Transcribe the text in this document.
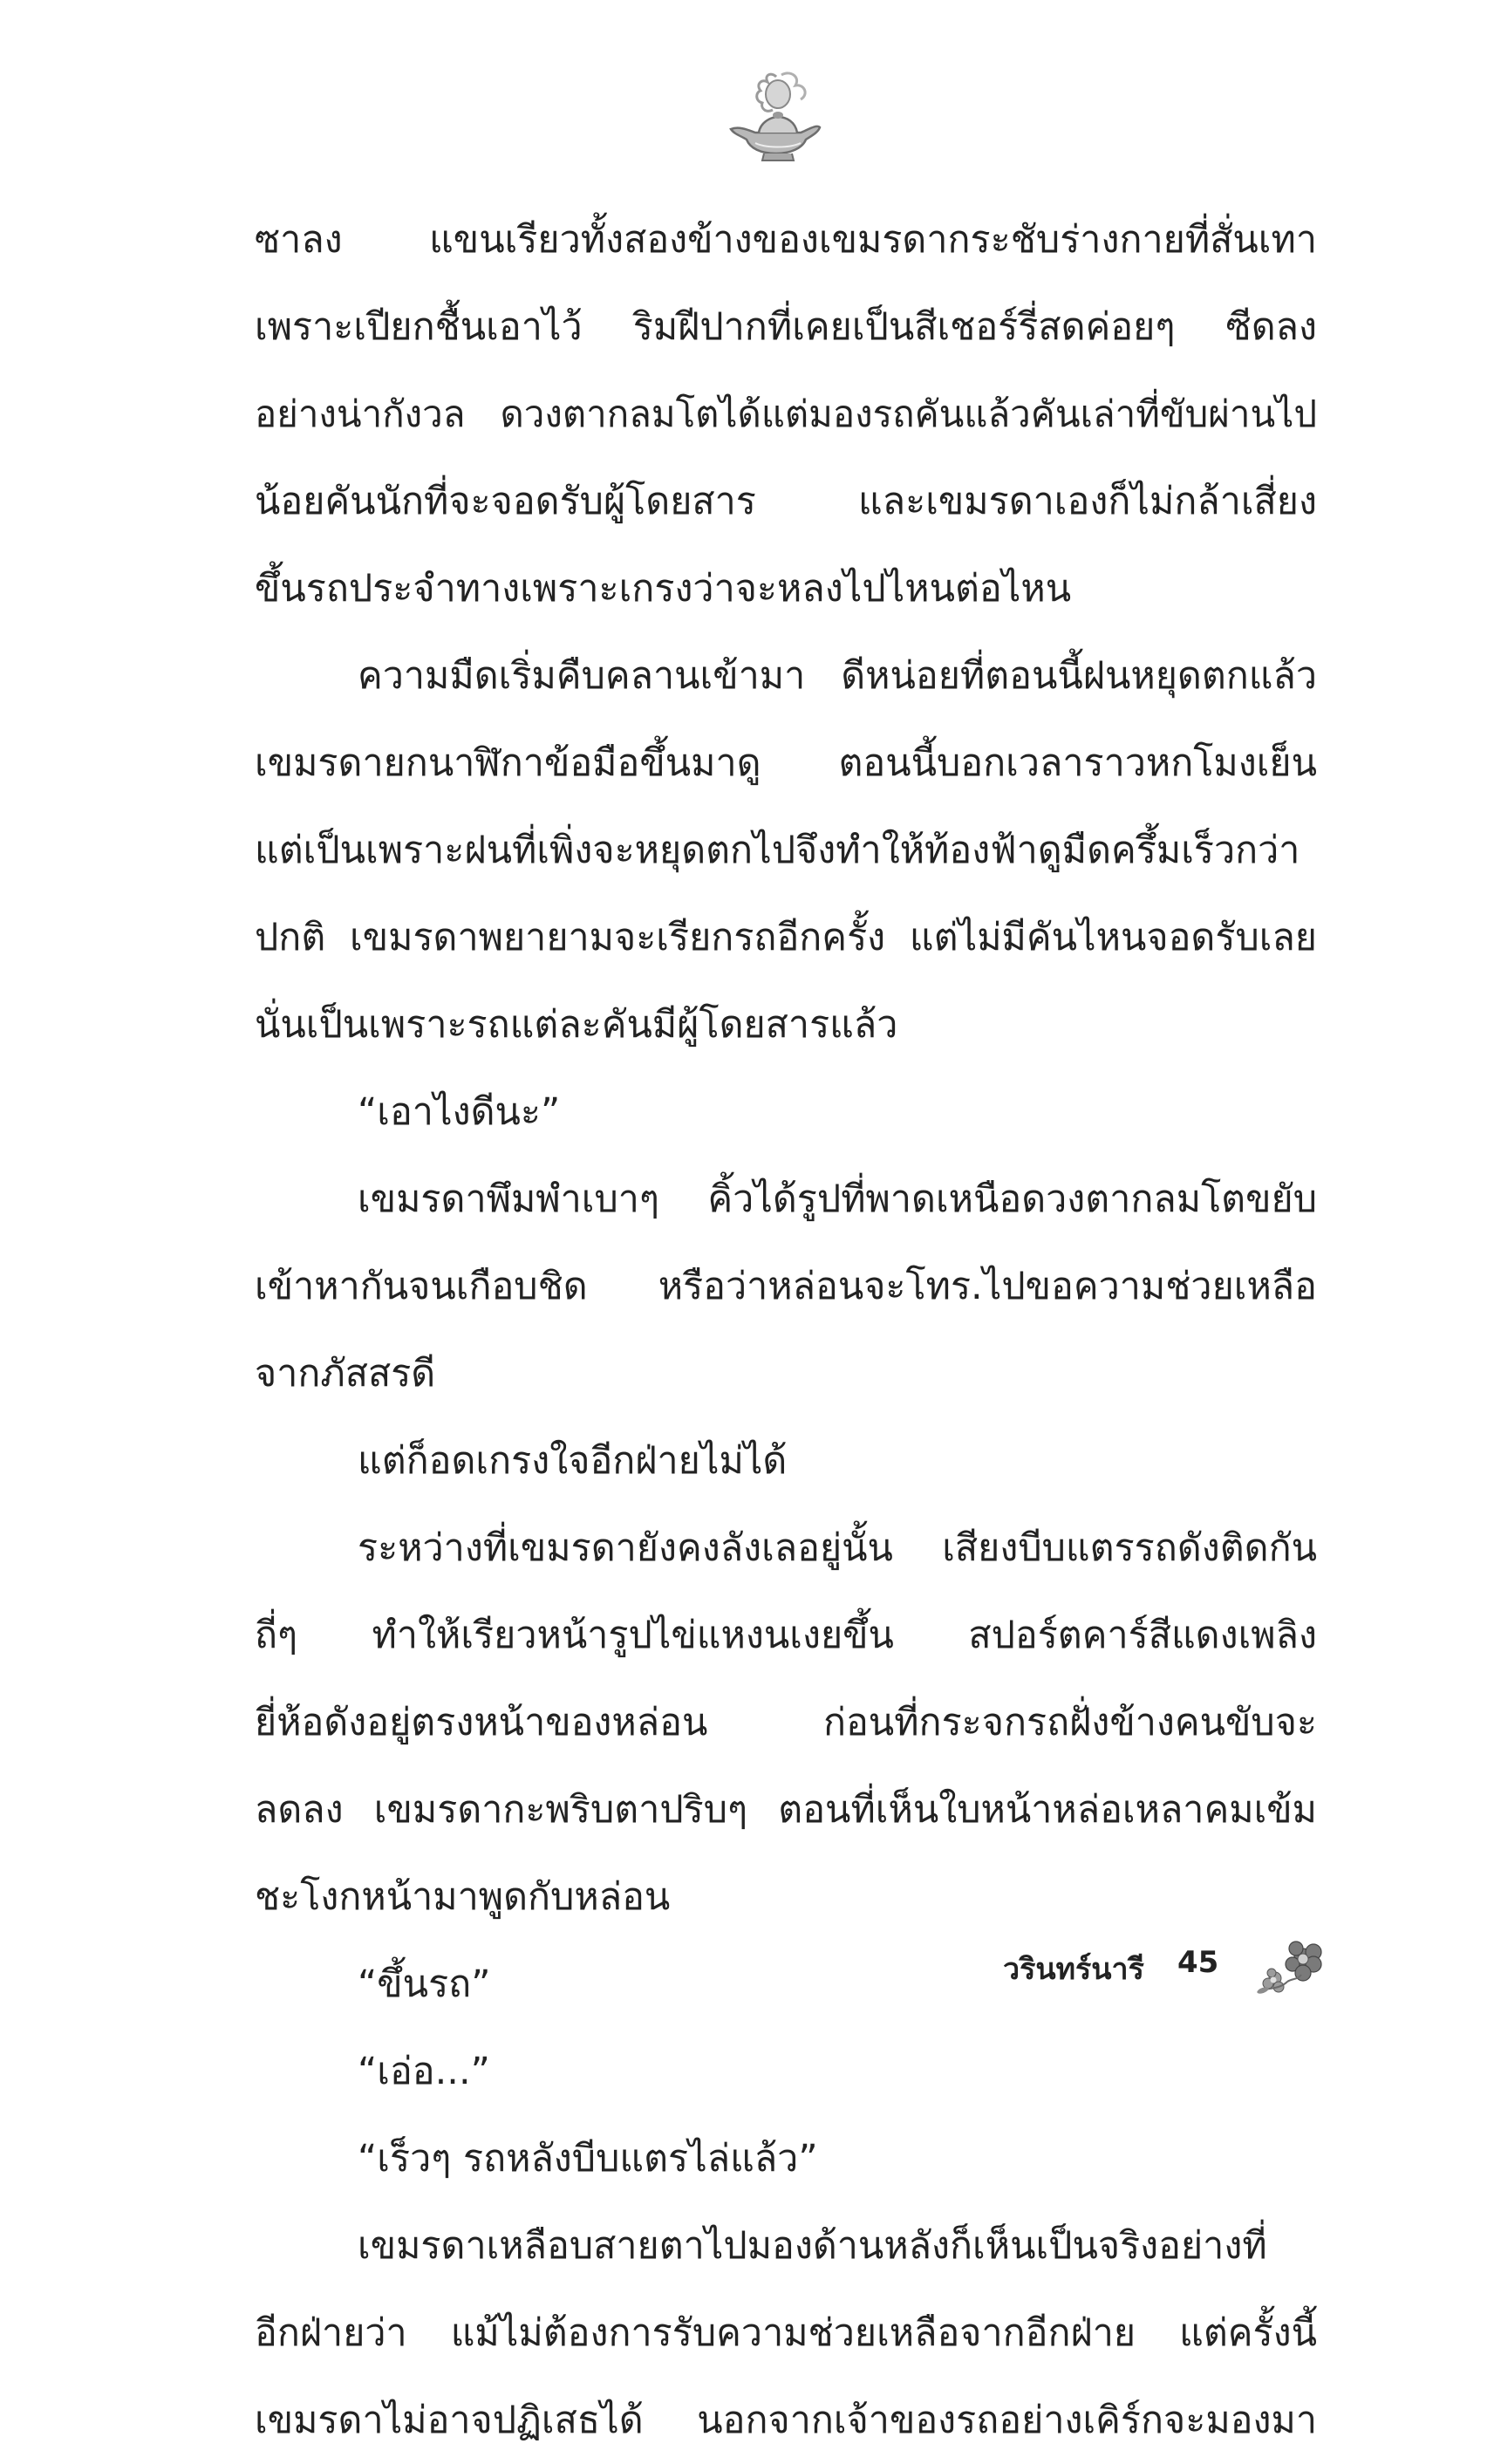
ซาลง แขนเรียวทั้งสองข้างของเขมรดากระชับร่างกายที่สั่นเทา
เพราะเปียกชื้นเอาไว้ ริมฝีปากที่เคยเป็นสีเชอร์รี่สดค่อยๆ ซีดลง
อย่างน่ากังวล ดวงตากลมโตได้แต่มองรถคันแล้วคันเล่าที่ขับผ่านไป
น้อยคันนักที่จะจอดรับผู้โดยสาร และเขมรดาเองก็ไม่กล้าเสี่ยง
ขึ้นรถประจำทางเพราะเกรงว่าจะหลงไปไหนต่อไหน
ความมืดเริ่มคืบคลานเข้ามา ดีหน่อยที่ตอนนี้ฝนหยุดตกแล้ว
เขมรดายกนาฬิกาข้อมือขึ้นมาดู ตอนนี้บอกเวลาราวหกโมงเย็น
แต่เป็นเพราะฝนที่เพิ่งจะหยุดตกไปจึงทำให้ท้องฟ้าดูมืดครึ้มเร็วกว่า
ปกติ เขมรดาพยายามจะเรียกรถอีกครั้ง แต่ไม่มีคันไหนจอดรับเลย
นั่นเป็นเพราะรถแต่ละคันมีผู้โดยสารแล้ว
“เอาไงดีนะ”
เขมรดาพึมพำเบาๆ คิ้วได้รูปที่พาดเหนือดวงตากลมโตขยับ
เข้าหากันจนเกือบชิด หรือว่าหล่อนจะโทร.ไปขอความช่วยเหลือ
จากภัสสรดี
แต่ก็อดเกรงใจอีกฝ่ายไม่ได้
ระหว่างที่เขมรดายังคงลังเลอยู่นั้น เสียงบีบแตรรถดังติดกัน
ถี่ๆ ทำให้เรียวหน้ารูปไข่แหงนเงยขึ้น สปอร์ตคาร์สีแดงเพลิง
ยี่ห้อดังอยู่ตรงหน้าของหล่อน ก่อนที่กระจกรถฝั่งข้างคนขับจะ
ลดลง เขมรดากะพริบตาปริบๆ ตอนที่เห็นใบหน้าหล่อเหลาคมเข้ม
ชะโงกหน้ามาพูดกับหล่อน
“ขึ้นรถ”
“เอ่อ...”
“เร็วๆ รถหลังบีบแตรไล่แล้ว”
เขมรดาเหลือบสายตาไปมองด้านหลังก็เห็นเป็นจริงอย่างที่
อีกฝ่ายว่า แม้ไม่ต้องการรับความช่วยเหลือจากอีกฝ่าย แต่ครั้งนี้
เขมรดาไม่อาจปฏิเสธได้ นอกจากเจ้าของรถอย่างเคิร์กจะมองมา
วรินทร์นารี 45
